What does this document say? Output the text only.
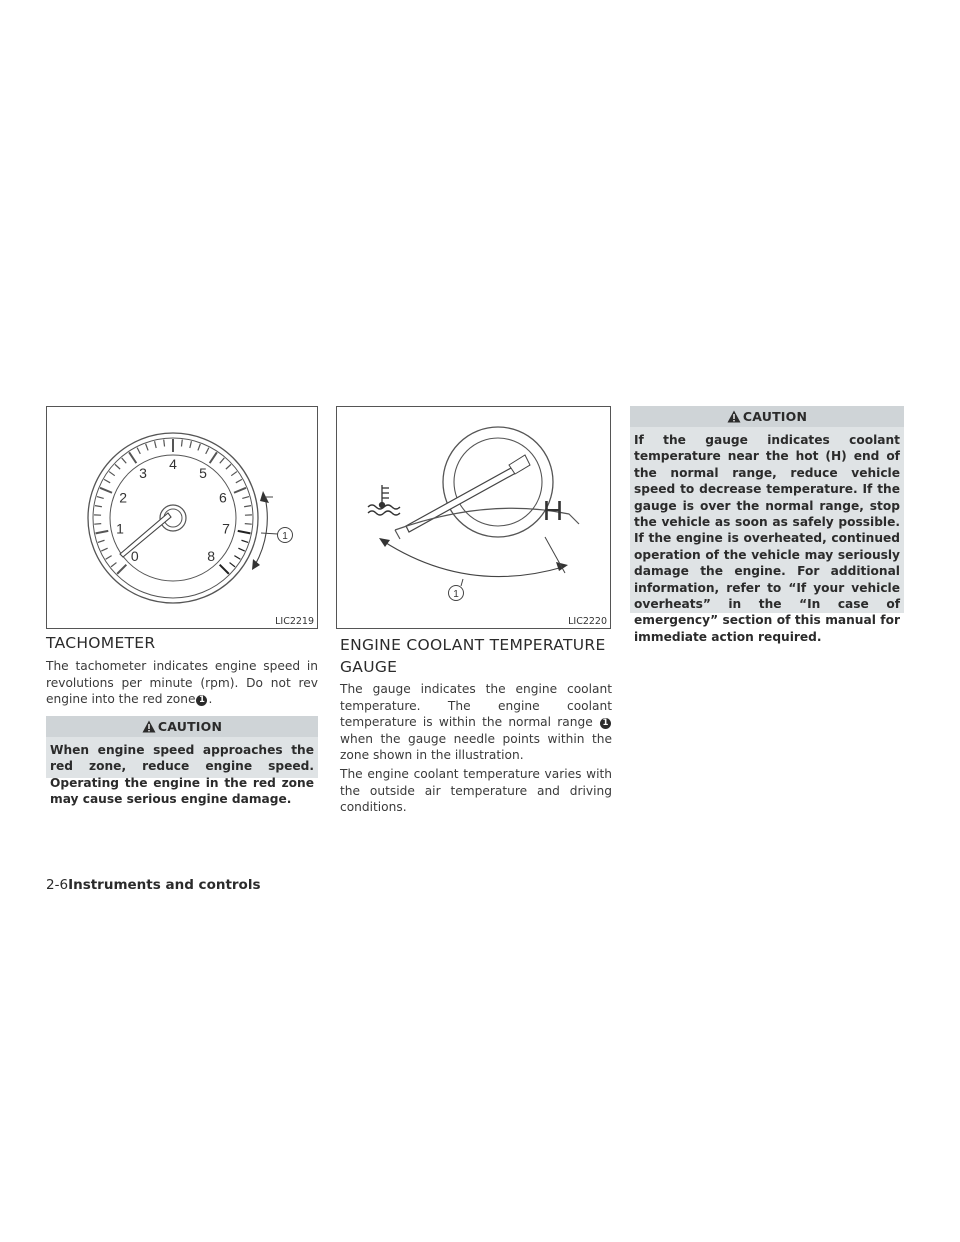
0
1
2
3
4
5
6
7
8
1
LIC2219
TACHOMETER

The tachometer indicates engine speed in revolutions per minute (rpm). Do not rev engine into the red zone 1 .

CAUTION

When engine speed approaches the red zone, reduce engine speed. Operating the engine in the red zone may cause serious engine damage.

H
1
LIC2220
ENGINE COOLANT TEMPERATURE GAUGE

The gauge indicates the engine coolant temperature. The engine coolant temperature is within the normal range 1 when the gauge needle points within the zone shown in the illustration.

The engine coolant temperature varies with the outside air temperature and driving conditions.

CAUTION

If the gauge indicates coolant temperature near the hot (H) end of the normal range, reduce vehicle speed to decrease temperature. If the gauge is over the normal range, stop the vehicle as soon as safely possible. If the engine is overheated, continued operation of the vehicle may seriously damage the engine. For additional information, refer to “If your vehicle overheats” in the “In case of emergency” section of this manual for immediate action required.

2-6Instruments and controls
